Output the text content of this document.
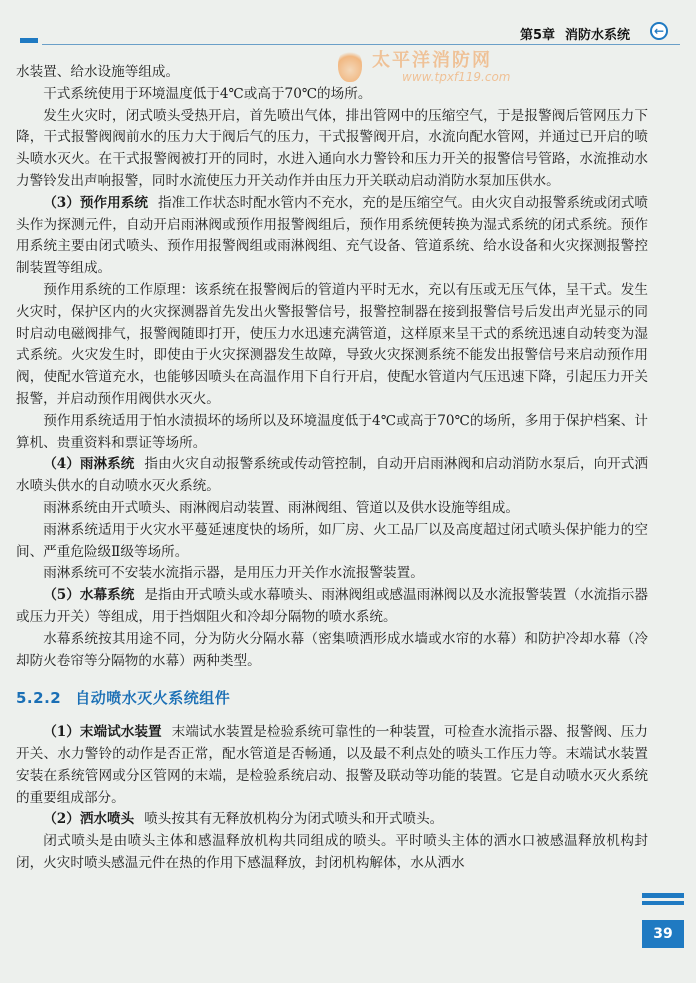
第5章 消防水系统	←
太平洋消防网
www.tpxf119.com

水装置、给水设施等组成。

干式系统使用于环境温度低于4℃或高于70℃的场所。

发生火灾时，闭式喷头受热开启，首先喷出气体，排出管网中的压缩空气，于是报警阀后管网压力下降，干式报警阀阀前水的压力大于阀后气的压力，干式报警阀开启，水流向配水管网，并通过已开启的喷头喷水灭火。在干式报警阀被打开的同时，水进入通向水力警铃和压力开关的报警信号管路，水流推动水力警铃发出声响报警，同时水流使压力开关动作并由压力开关联动启动消防水泵加压供水。

（3）预作用系统 指准工作状态时配水管内不充水，充的是压缩空气。由火灾自动报警系统或闭式喷头作为探测元件，自动开启雨淋阀或预作用报警阀组后，预作用系统便转换为湿式系统的闭式系统。预作用系统主要由闭式喷头、预作用报警阀组或雨淋阀组、充气设备、管道系统、给水设备和火灾探测报警控制装置等组成。

预作用系统的工作原理：该系统在报警阀后的管道内平时无水，充以有压或无压气体，呈干式。发生火灾时，保护区内的火灾探测器首先发出火警报警信号，报警控制器在接到报警信号后发出声光显示的同时启动电磁阀排气，报警阀随即打开，使压力水迅速充满管道，这样原来呈干式的系统迅速自动转变为湿式系统。火灾发生时，即使由于火灾探测器发生故障，导致火灾探测系统不能发出报警信号来启动预作用阀，使配水管道充水，也能够因喷头在高温作用下自行开启，使配水管道内气压迅速下降，引起压力开关报警，并启动预作用阀供水灭火。

预作用系统适用于怕水渍损坏的场所以及环境温度低于4℃或高于70℃的场所，多用于保护档案、计算机、贵重资料和票证等场所。

（4）雨淋系统 指由火灾自动报警系统或传动管控制，自动开启雨淋阀和启动消防水泵后，向开式洒水喷头供水的自动喷水灭火系统。

雨淋系统由开式喷头、雨淋阀启动装置、雨淋阀组、管道以及供水设施等组成。

雨淋系统适用于火灾水平蔓延速度快的场所，如厂房、火工品厂以及高度超过闭式喷头保护能力的空间、严重危险级Ⅱ级等场所。

雨淋系统可不安装水流指示器，是用压力开关作水流报警装置。

（5）水幕系统 是指由开式喷头或水幕喷头、雨淋阀组或感温雨淋阀以及水流报警装置（水流指示器或压力开关）等组成，用于挡烟阻火和冷却分隔物的喷水系统。

水幕系统按其用途不同，分为防火分隔水幕（密集喷洒形成水墙或水帘的水幕）和防护冷却水幕（冷却防火卷帘等分隔物的水幕）两种类型。

5.2.2 自动喷水灭火系统组件

（1）末端试水装置 末端试水装置是检验系统可靠性的一种装置，可检查水流指示器、报警阀、压力开关、水力警铃的动作是否正常，配水管道是否畅通，以及最不利点处的喷头工作压力等。末端试水装置安装在系统管网或分区管网的末端，是检验系统启动、报警及联动等功能的装置。它是自动喷水灭火系统的重要组成部分。

（2）洒水喷头 喷头按其有无释放机构分为闭式喷头和开式喷头。

闭式喷头是由喷头主体和感温释放机构共同组成的喷头。平时喷头主体的洒水口被感温释放机构封闭，火灾时喷头感温元件在热的作用下感温释放，封闭机构解体，水从洒水

39
